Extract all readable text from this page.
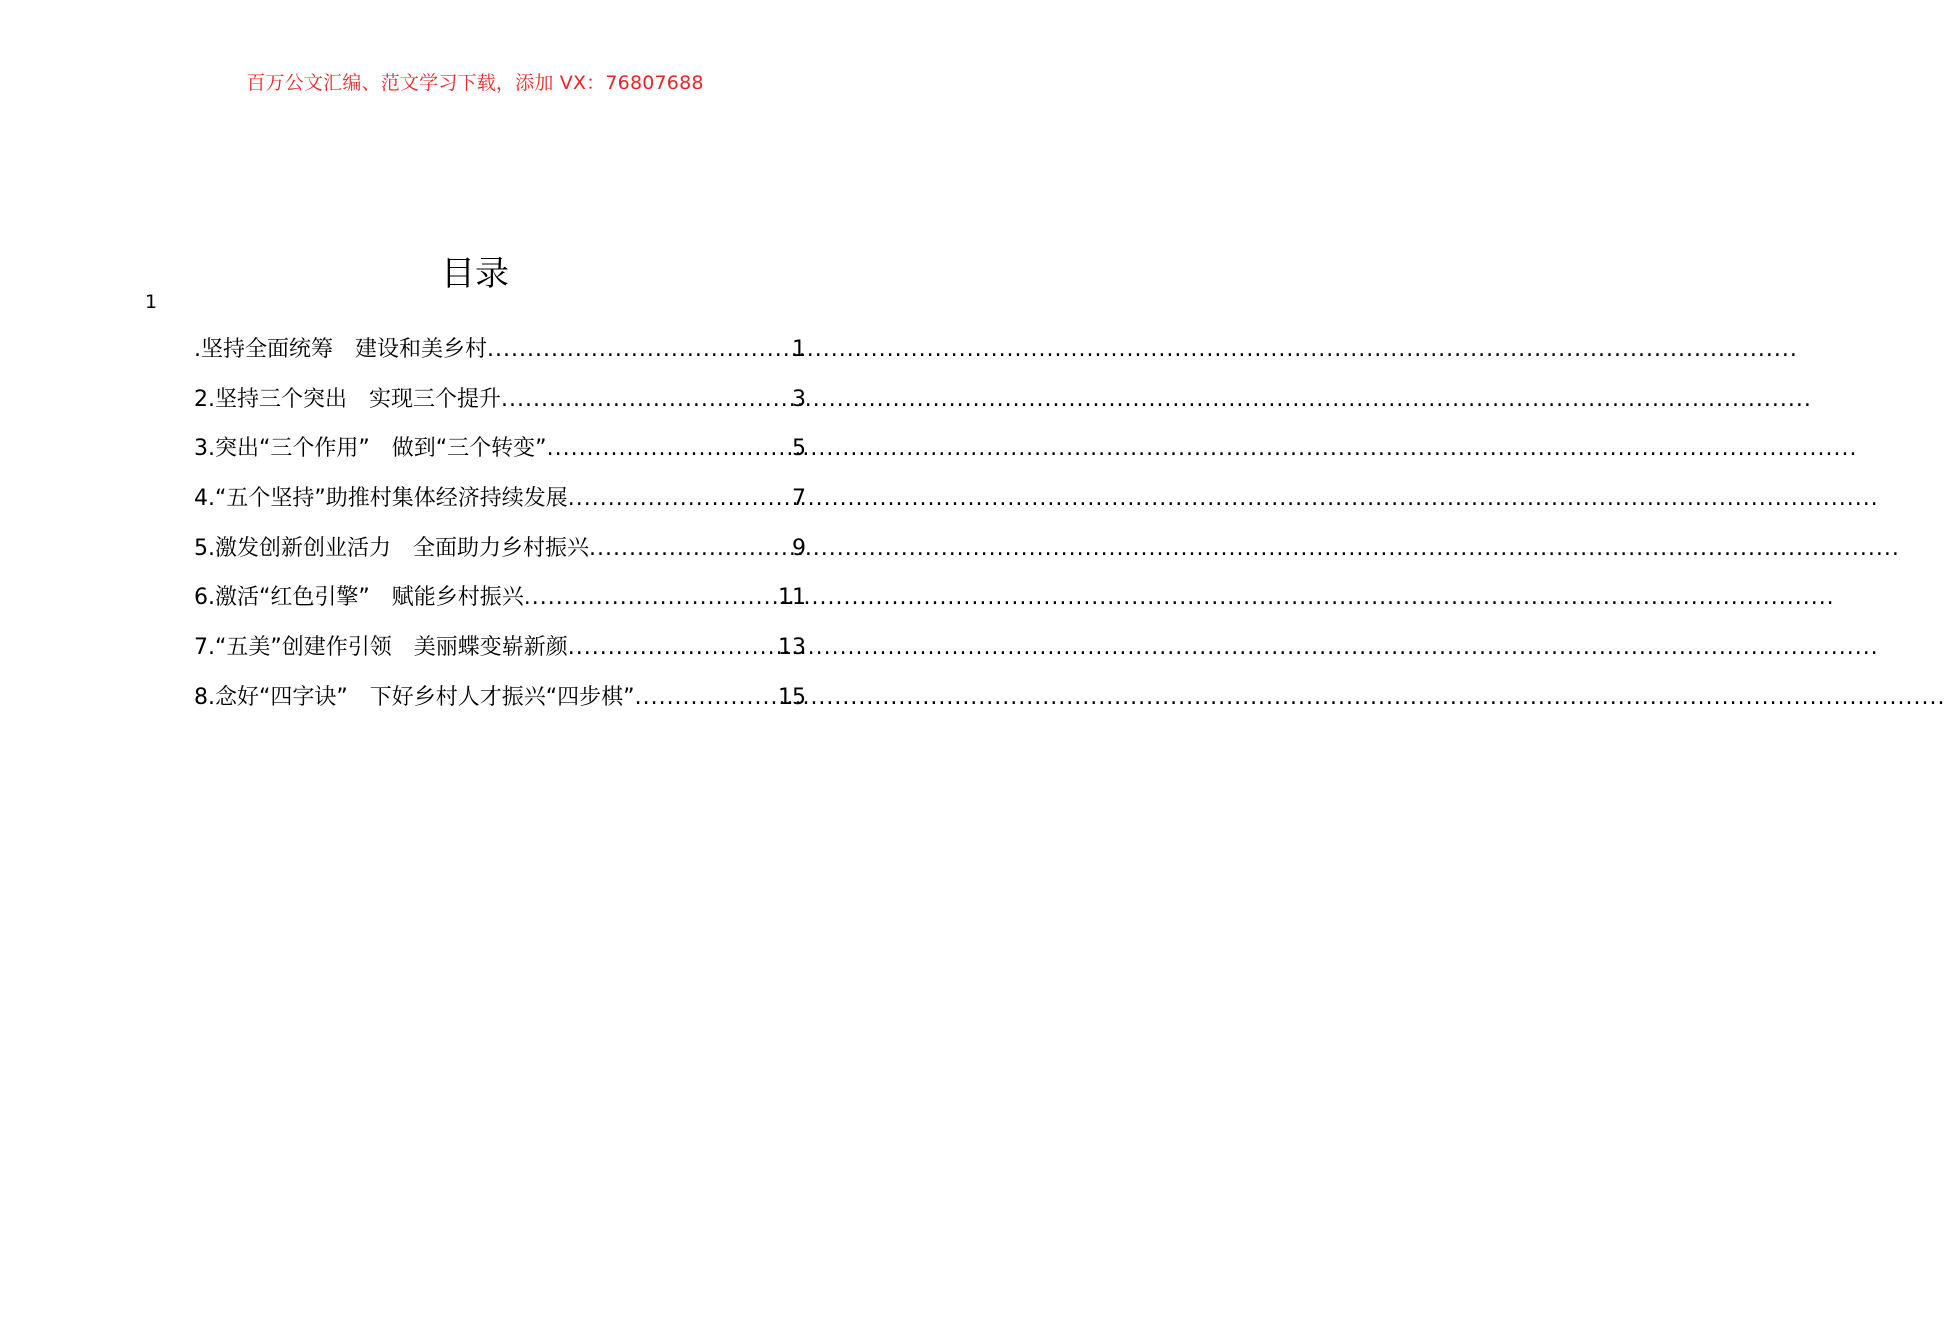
百万公文汇编、范文学习下载，添加 VX：76807688
目录
1
.坚持全面统筹　建设和美乡村 .....	1
2.坚持三个突出　实现三个提升 .....	3
3.突出“三个作用”　做到“三个转变” .....	5
4.“五个坚持”助推村集体经济持续发展 .....	7
5.激发创新创业活力　全面助力乡村振兴 .....	9
6.激活“红色引擎”　赋能乡村振兴 .....	11
7.“五美”创建作引领　美丽蝶变崭新颜 .....	13
8.念好“四字诀”　下好乡村人才振兴“四步棋” .....	15
